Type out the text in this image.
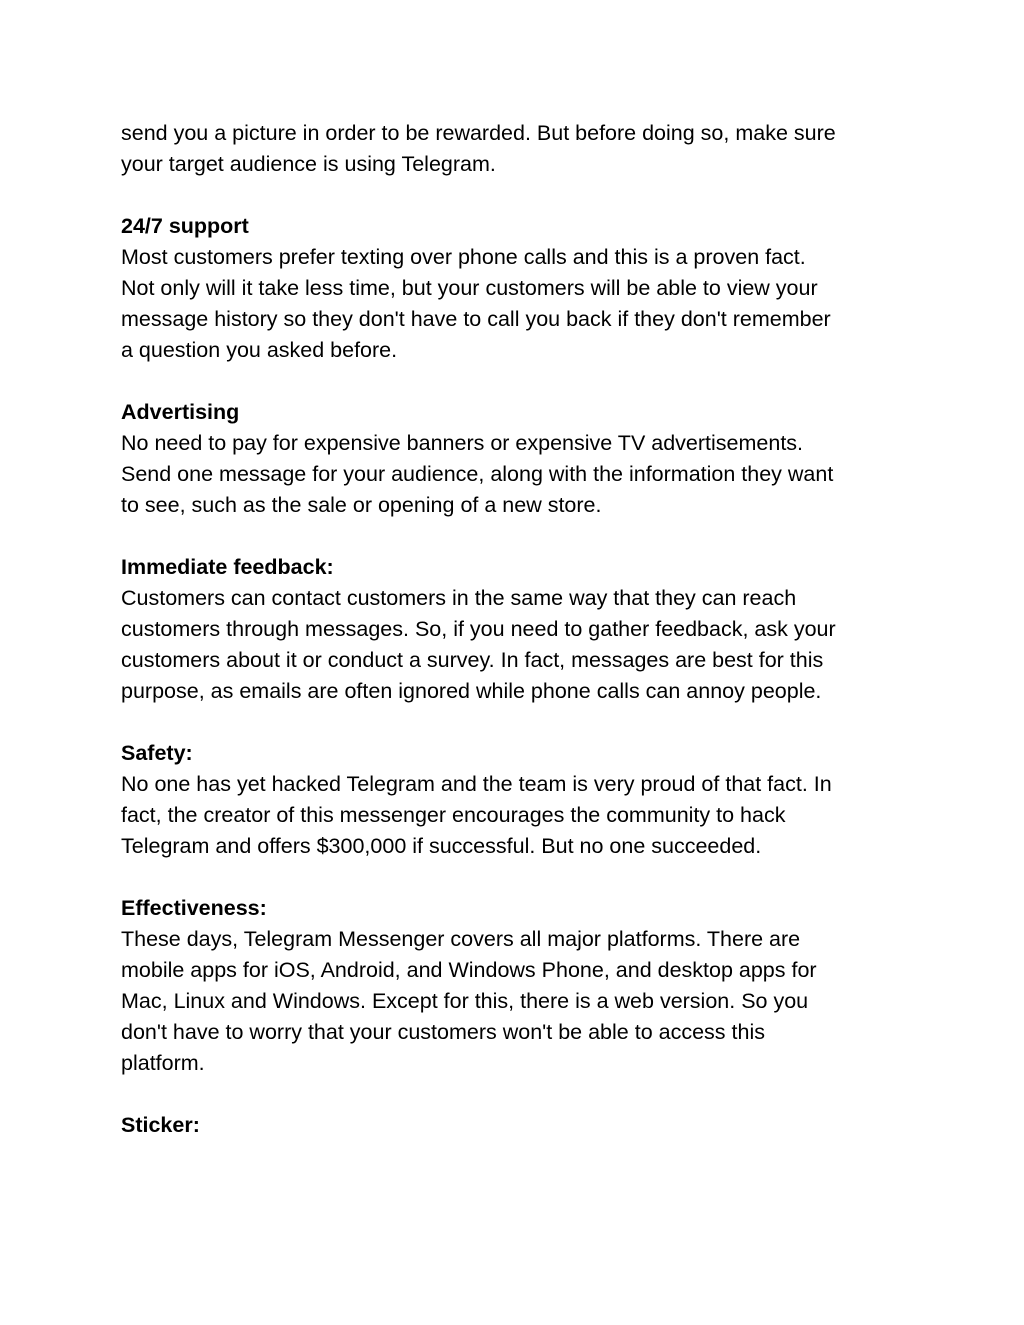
send you a picture in order to be rewarded. But before doing so, make sure
your target audience is using Telegram.

24/7 support

Most customers prefer texting over phone calls and this is a proven fact.
Not only will it take less time, but your customers will be able to view your
message history so they don't have to call you back if they don't remember
a question you asked before.

Advertising

No need to pay for expensive banners or expensive TV advertisements.
Send one message for your audience, along with the information they want
to see, such as the sale or opening of a new store.

Immediate feedback:

Customers can contact customers in the same way that they can reach
customers through messages. So, if you need to gather feedback, ask your
customers about it or conduct a survey. In fact, messages are best for this
purpose, as emails are often ignored while phone calls can annoy people.

Safety:

No one has yet hacked Telegram and the team is very proud of that fact. In
fact, the creator of this messenger encourages the community to hack
Telegram and offers $300,000 if successful. But no one succeeded.

Effectiveness:

These days, Telegram Messenger covers all major platforms. There are
mobile apps for iOS, Android, and Windows Phone, and desktop apps for
Mac, Linux and Windows. Except for this, there is a web version. So you
don't have to worry that your customers won't be able to access this
platform.

Sticker:
